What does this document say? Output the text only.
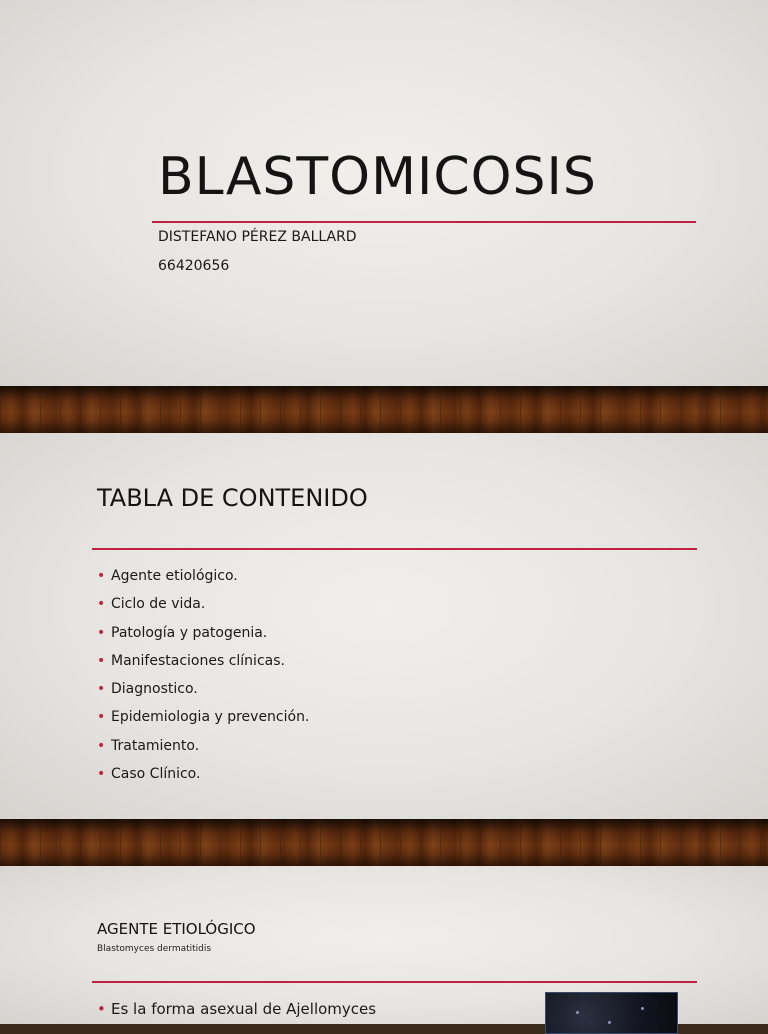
BLASTOMICOSIS
DISTEFANO PÉREZ BALLARD
66420656
TABLA DE CONTENIDO
• Agente etiológico.
• Ciclo de vida.
• Patología y patogenia.
• Manifestaciones clínicas.
• Diagnostico.
• Epidemiologia y prevención.
• Tratamiento.
• Caso Clínico.
AGENTE ETIOLÓGICO
Blastomyces dermatitidis
• Es la forma asexual de Ajellomyces
